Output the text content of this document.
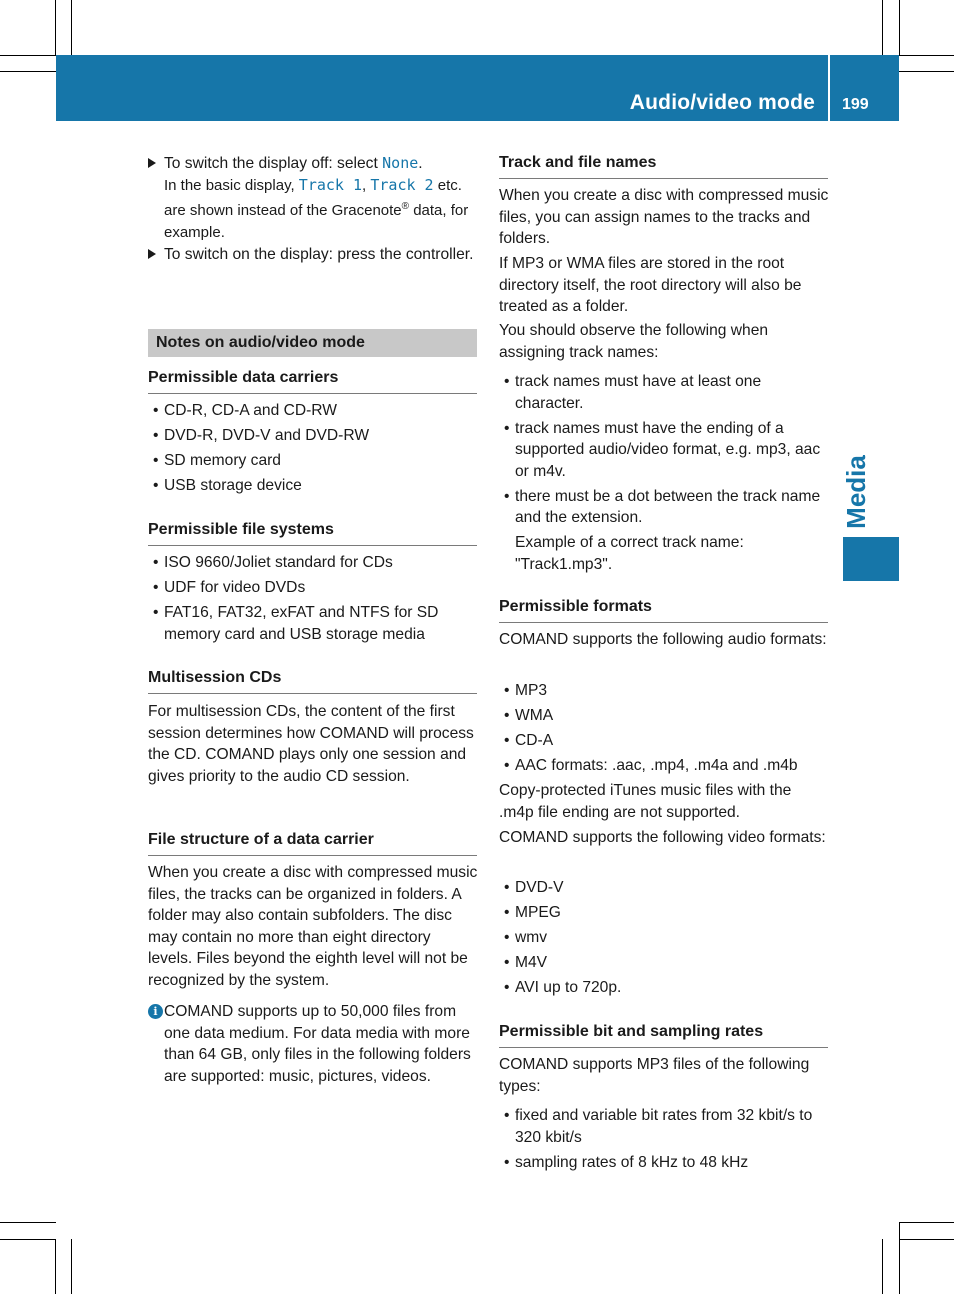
Audio/video mode 199
Media
To switch the display off: select None.
In the basic display, Track 1, Track 2 etc. are shown instead of the Gracenote® data, for example.
To switch on the display: press the controller.
Notes on audio/video mode
Permissible data carriers
• CD-R, CD-A and CD-RW
• DVD-R, DVD-V and DVD-RW
• SD memory card
• USB storage device
Permissible file systems
• ISO 9660/Joliet standard for CDs
• UDF for video DVDs
• FAT16, FAT32, exFAT and NTFS for SD memory card and USB storage media
Multisession CDs
For multisession CDs, the content of the first session determines how COMAND will process the CD. COMAND plays only one session and gives priority to the audio CD session.
File structure of a data carrier
When you create a disc with compressed music files, the tracks can be organized in folders. A folder may also contain subfolders. The disc may contain no more than eight directory levels. Files beyond the eighth level will not be recognized by the system.
i COMAND supports up to 50,000 files from one data medium. For data media with more than 64 GB, only files in the following folders are supported: music, pictures, videos.
Track and file names
When you create a disc with compressed music files, you can assign names to the tracks and folders.
If MP3 or WMA files are stored in the root directory itself, the root directory will also be treated as a folder.
You should observe the following when assigning track names:
• track names must have at least one character.
• track names must have the ending of a supported audio/video format, e.g. mp3, aac or m4v.
• there must be a dot between the track name and the extension.
Example of a correct track name: "Track1.mp3".
Permissible formats
COMAND supports the following audio formats:
• MP3
• WMA
• CD-A
• AAC formats: .aac, .mp4, .m4a and .m4b
Copy-protected iTunes music files with the .m4p file ending are not supported.
COMAND supports the following video formats:
• DVD-V
• MPEG
• wmv
• M4V
• AVI up to 720p.
Permissible bit and sampling rates
COMAND supports MP3 files of the following types:
• fixed and variable bit rates from 32 kbit/s to 320 kbit/s
• sampling rates of 8 kHz to 48 kHz
